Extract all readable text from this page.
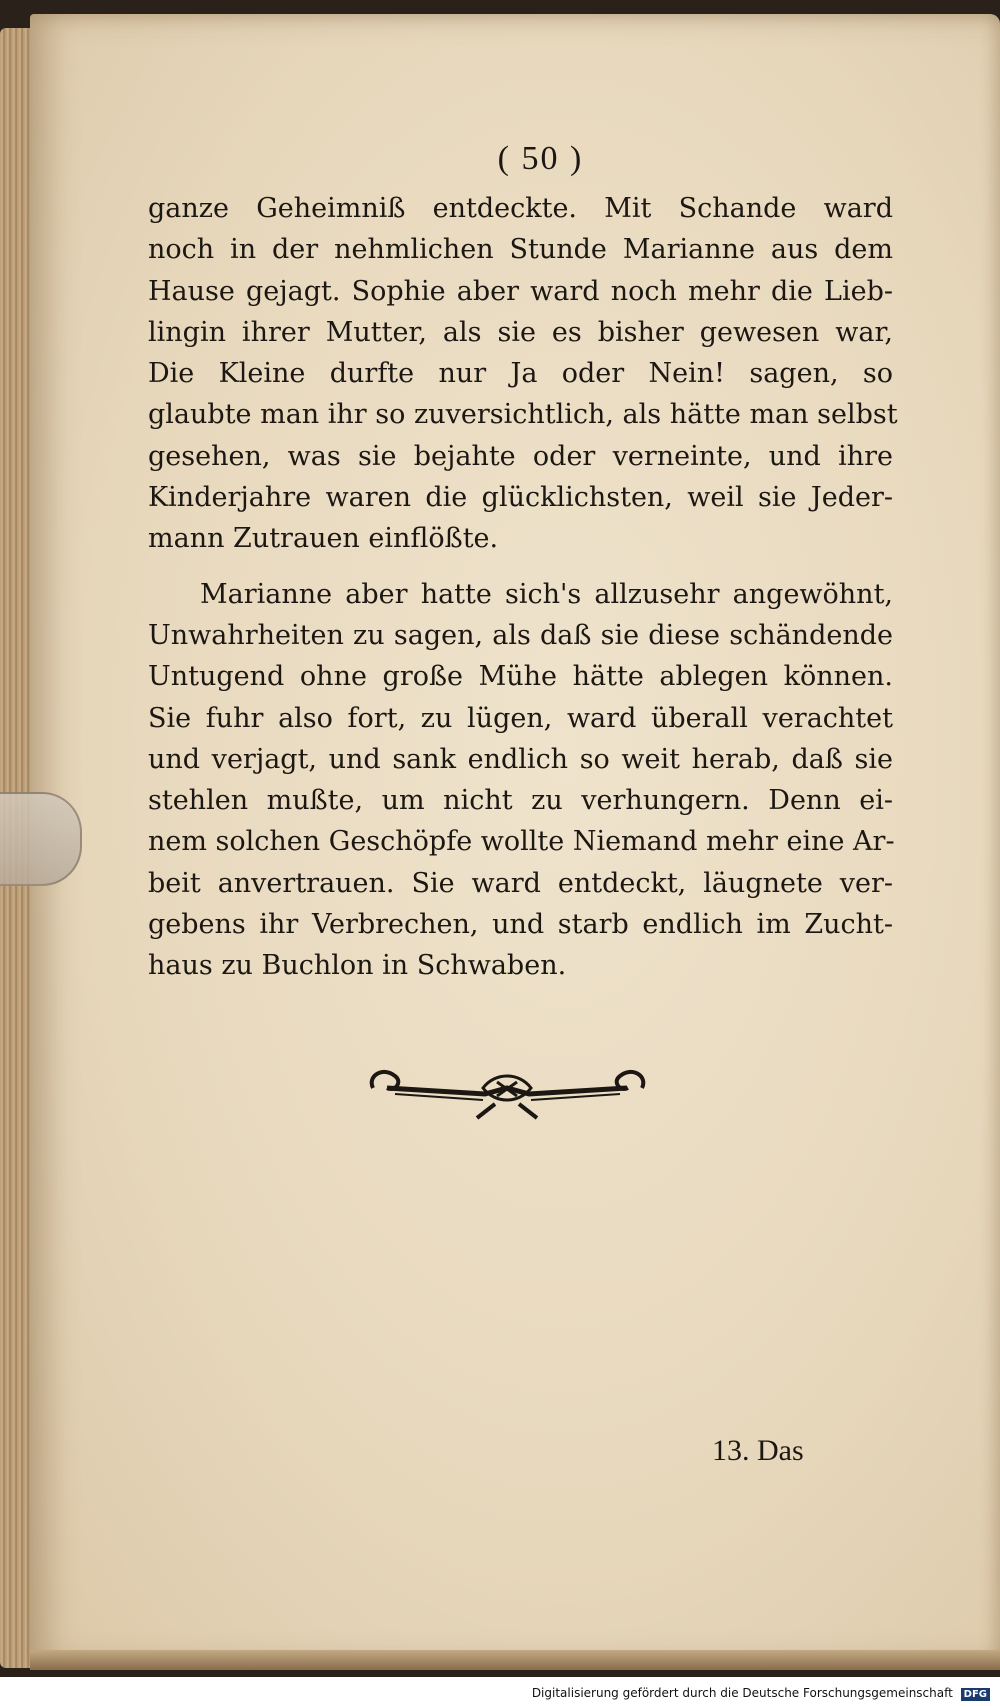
( 50 )

ganze Geheimniß entdeckte. Mit Schande ward
noch in der nehmlichen Stunde Marianne aus dem
Hause gejagt. Sophie aber ward noch mehr die Lieb-
lingin ihrer Mutter, als sie es bisher gewesen war,
Die Kleine durfte nur Ja oder Nein! sagen, so
glaubte man ihr so zuversichtlich, als hätte man selbst
gesehen, was sie bejahte oder verneinte, und ihre
Kinderjahre waren die glücklichsten, weil sie Jeder-
mann Zutrauen einflößte.

Marianne aber hatte sich's allzusehr angewöhnt,
Unwahrheiten zu sagen, als daß sie diese schändende
Untugend ohne große Mühe hätte ablegen können.
Sie fuhr also fort, zu lügen, ward überall verachtet
und verjagt, und sank endlich so weit herab, daß sie
stehlen mußte, um nicht zu verhungern. Denn ei-
nem solchen Geschöpfe wollte Niemand mehr eine Ar-
beit anvertrauen. Sie ward entdeckt, läugnete ver-
gebens ihr Verbrechen, und starb endlich im Zucht-
haus zu Buchlon in Schwaben.

13. Das
Digitalisierung gefördert durch die Deutsche Forschungsgemeinschaft DFG
